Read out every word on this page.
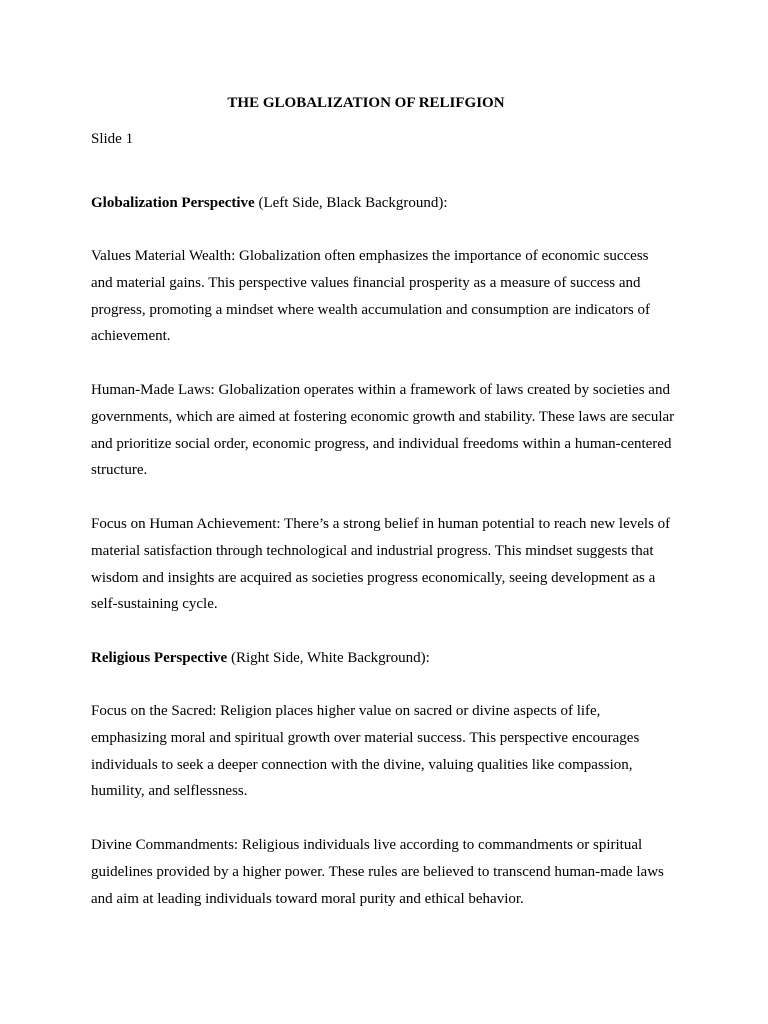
THE GLOBALIZATION OF RELIFGION

Slide 1

Globalization Perspective (Left Side, Black Background):

Values Material Wealth: Globalization often emphasizes the importance of economic success
and material gains. This perspective values financial prosperity as a measure of success and
progress, promoting a mindset where wealth accumulation and consumption are indicators of
achievement.

Human-Made Laws: Globalization operates within a framework of laws created by societies and
governments, which are aimed at fostering economic growth and stability. These laws are secular
and prioritize social order, economic progress, and individual freedoms within a human-centered
structure.

Focus on Human Achievement: There’s a strong belief in human potential to reach new levels of
material satisfaction through technological and industrial progress. This mindset suggests that
wisdom and insights are acquired as societies progress economically, seeing development as a
self-sustaining cycle.

Religious Perspective (Right Side, White Background):

Focus on the Sacred: Religion places higher value on sacred or divine aspects of life,
emphasizing moral and spiritual growth over material success. This perspective encourages
individuals to seek a deeper connection with the divine, valuing qualities like compassion,
humility, and selflessness.

Divine Commandments: Religious individuals live according to commandments or spiritual
guidelines provided by a higher power. These rules are believed to transcend human-made laws
and aim at leading individuals toward moral purity and ethical behavior.
